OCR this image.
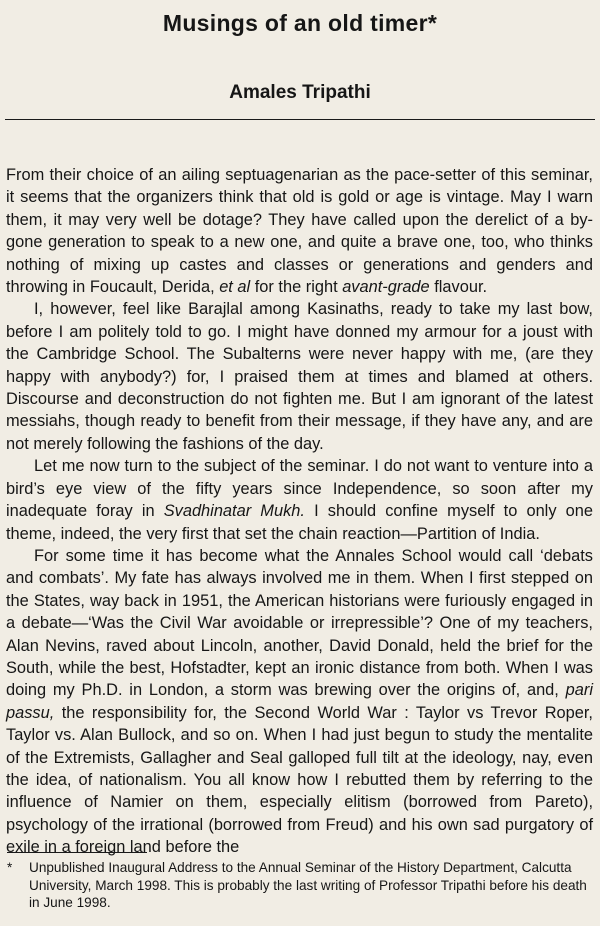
Musings of an old timer*
Amales Tripathi

From their choice of an ailing septuagenarian as the pace-setter of this seminar, it seems that the organizers think that old is gold or age is vintage. May I warn them, it may very well be dotage? They have called upon the derelict of a by-gone generation to speak to a new one, and quite a brave one, too, who thinks nothing of mixing up castes and classes or generations and genders and throwing in Foucault, Derida, et al for the right avant-grade flavour.

I, however, feel like Barajlal among Kasinaths, ready to take my last bow, before I am politely told to go. I might have donned my armour for a joust with the Cambridge School. The Subalterns were never happy with me, (are they happy with anybody?) for, I praised them at times and blamed at others. Discourse and deconstruction do not fighten me. But I am ignorant of the latest messiahs, though ready to benefit from their message, if they have any, and are not merely following the fashions of the day.

Let me now turn to the subject of the seminar. I do not want to venture into a bird’s eye view of the fifty years since Independence, so soon after my inadequate foray in Svadhinatar Mukh. I should confine myself to only one theme, indeed, the very first that set the chain reaction—Partition of India.

For some time it has become what the Annales School would call ‘debats and combats’. My fate has always involved me in them. When I first stepped on the States, way back in 1951, the American historians were furiously engaged in a debate—‘Was the Civil War avoidable or irrepressible’? One of my teachers, Alan Nevins, raved about Lincoln, another, David Donald, held the brief for the South, while the best, Hofstadter, kept an ironic distance from both. When I was doing my Ph.D. in London, a storm was brewing over the origins of, and, pari passu, the responsibility for, the Second World War : Taylor vs Trevor Roper, Taylor vs. Alan Bullock, and so on. When I had just begun to study the mentalite of the Extremists, Gallagher and Seal galloped full tilt at the ideology, nay, even the idea, of nationalism. You all know how I rebutted them by referring to the influence of Namier on them, especially elitism (borrowed from Pareto), psychology of the irrational (borrowed from Freud) and his own sad purgatory of exile in a foreign land before the

* Unpublished Inaugural Address to the Annual Seminar of the History Department, Calcutta University, March 1998. This is probably the last writing of Professor Tripathi before his death in June 1998.
